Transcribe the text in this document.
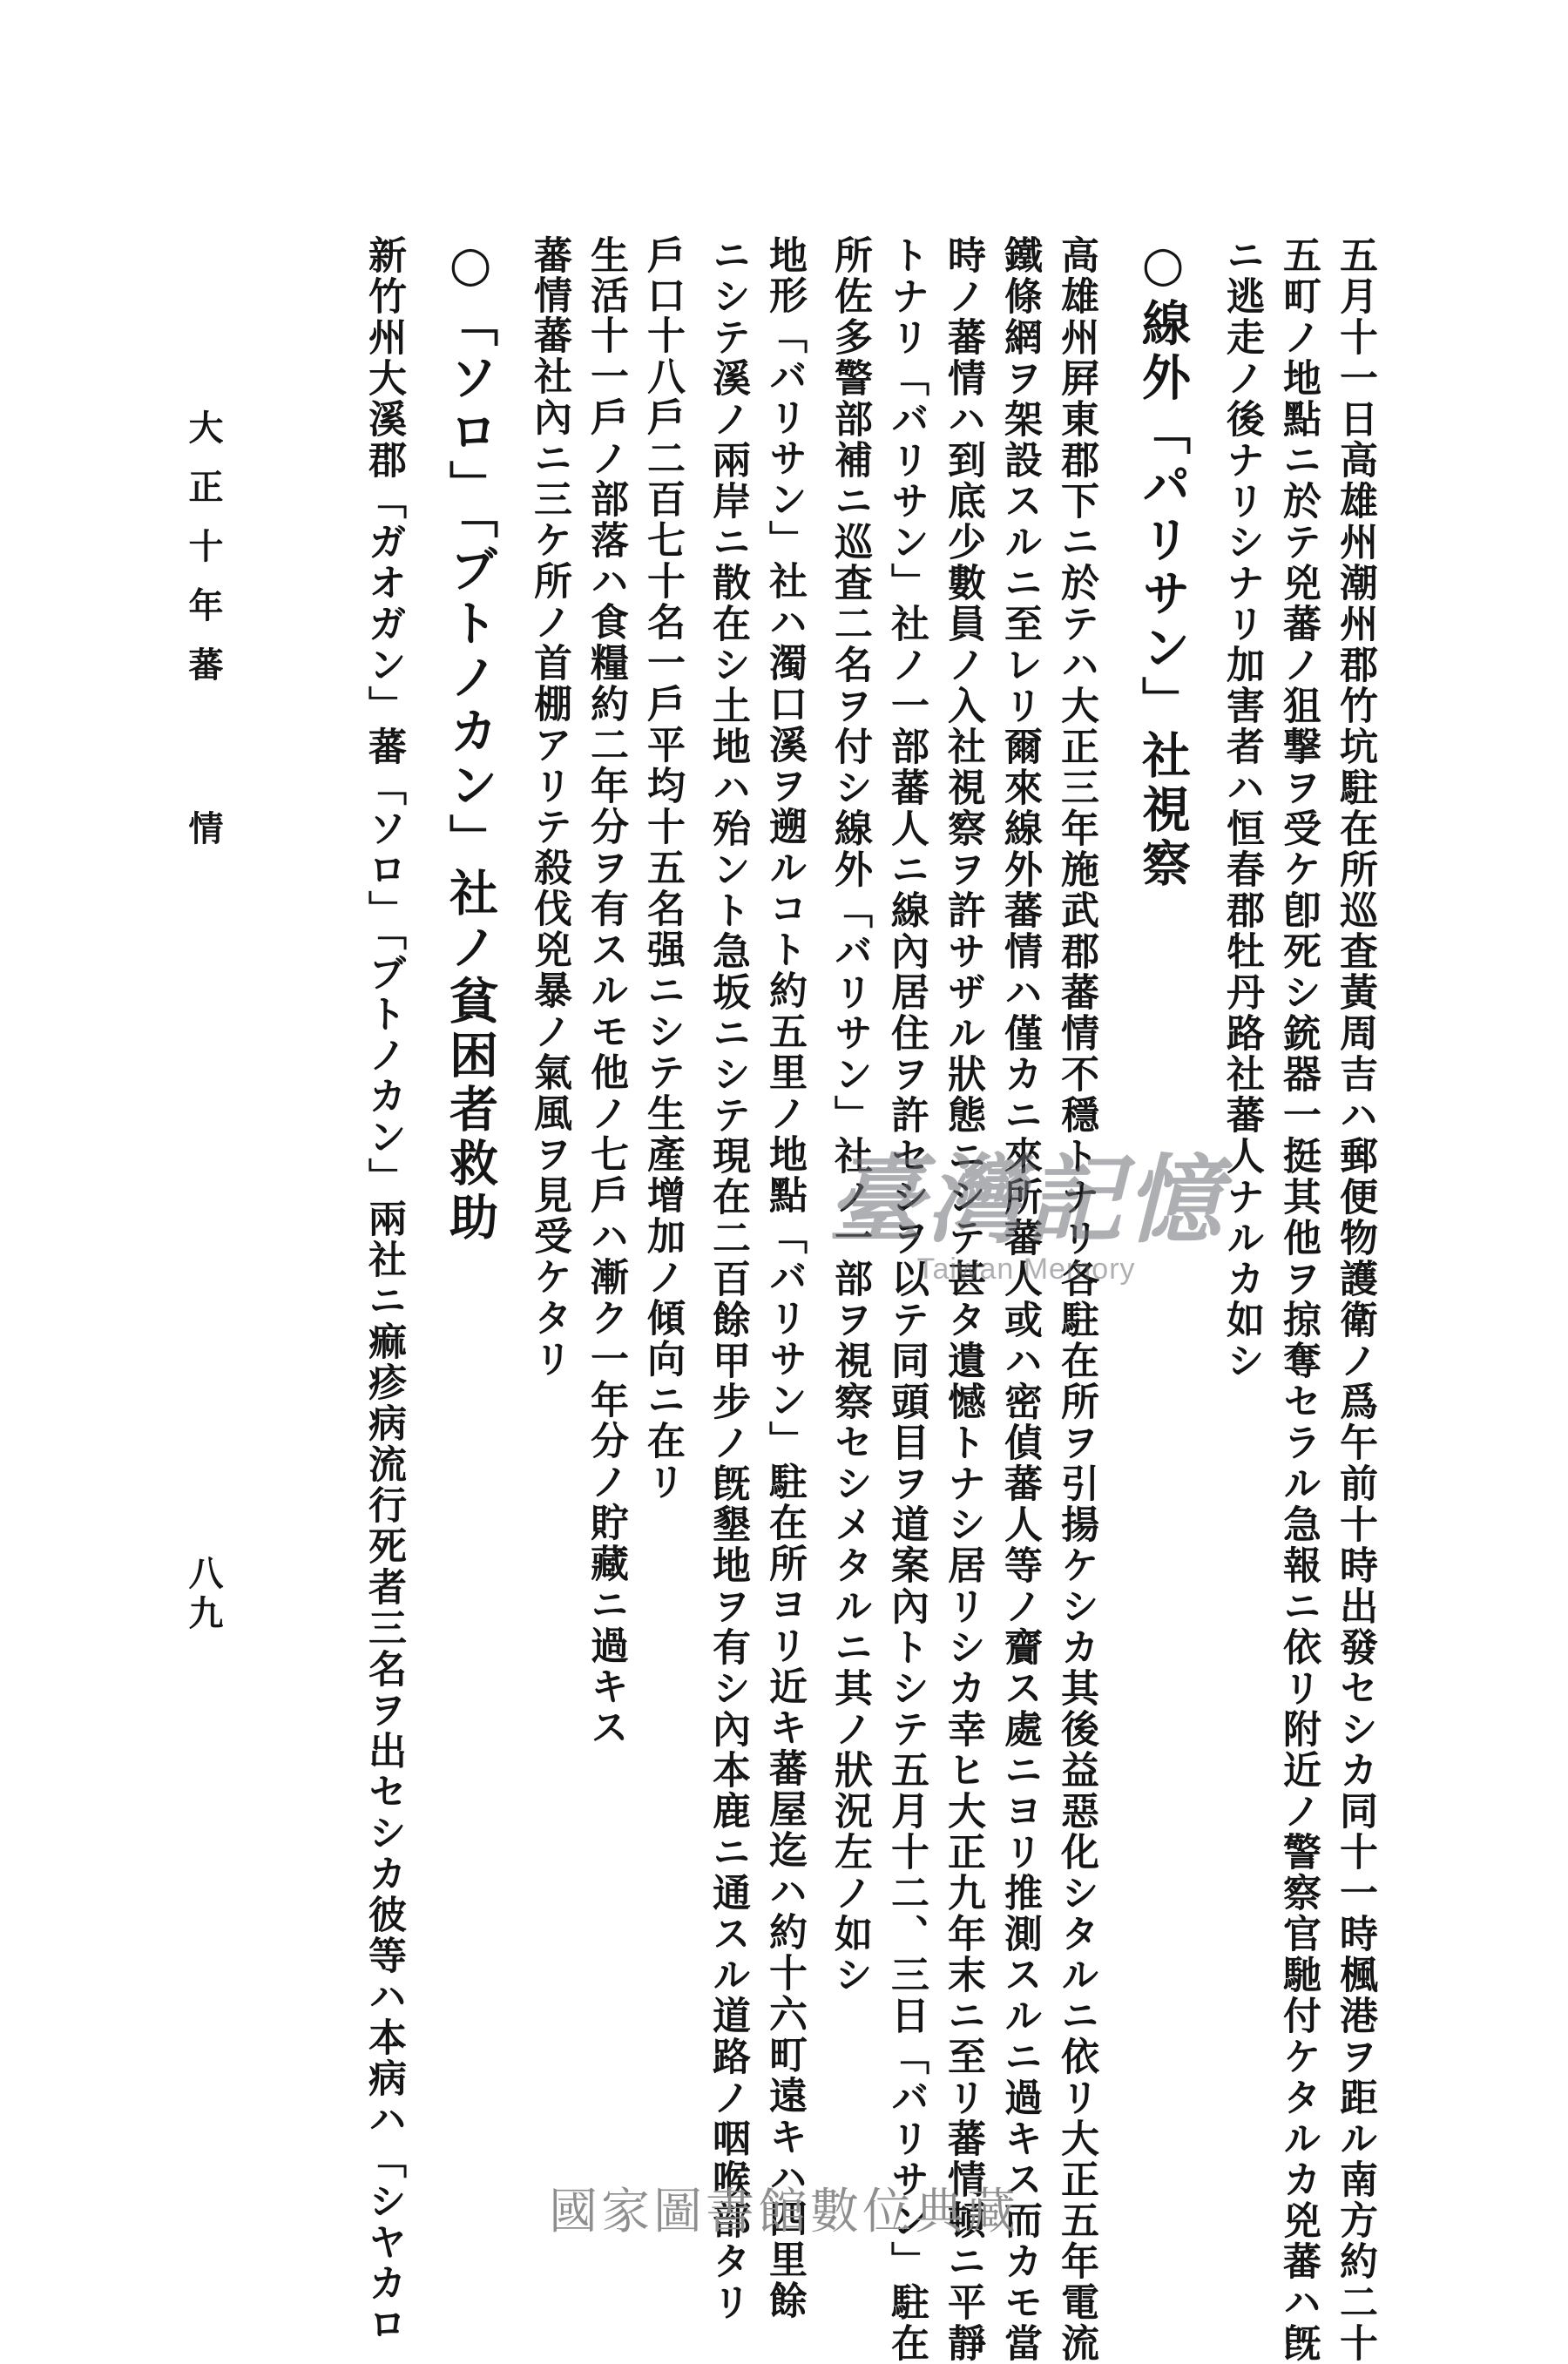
五月十一日高雄州潮州郡竹坑駐在所巡査黃周吉ハ郵便物護衛ノ爲午前十時出發セシカ同十一時楓港ヲ距ル南方約二十
五町ノ地點ニ於テ兇蕃ノ狙撃ヲ受ケ卽死シ銃器一挺其他ヲ掠奪セラル急報ニ依リ附近ノ警察官馳付ケタルカ兇蕃ハ旣
ニ逃走ノ後ナリシナリ加害者ハ恒春郡牡丹路社蕃人ナルカ如シ
○線外「パリサン」社視察
高雄州屛東郡下ニ於テハ大正三年施武郡蕃情不穩トナリ各駐在所ヲ引揚ケシカ其後益惡化シタルニ依リ大正五年電流
鐵條網ヲ架設スルニ至レリ爾來線外蕃情ハ僅カニ來所蕃人或ハ密偵蕃人等ノ齎ス處ニヨリ推測スルニ過キス而カモ當
時ノ蕃情ハ到底少數員ノ入社視察ヲ許サザル狀態ニシテ甚タ遺憾トナシ居リシカ幸ヒ大正九年末ニ至リ蕃情頓ニ平靜
トナリ「バリサン」社ノ一部蕃人ニ線內居住ヲ許セシヲ以テ同頭目ヲ道案內トシテ五月十二、三日「バリサン」駐在
所佐多警部補ニ巡査二名ヲ付シ線外「バリサン」社ノ一部ヲ視察セシメタルニ其ノ狀況左ノ如シ
地形「バリサン」社ハ濁口溪ヲ遡ルコト約五里ノ地點「バリサン」駐在所ヨリ近キ蕃屋迄ハ約十六町遠キハ四里餘
ニシテ溪ノ兩岸ニ散在シ土地ハ殆ント急坂ニシテ現在二百餘甲步ノ旣墾地ヲ有シ內本鹿ニ通スル道路ノ咽喉部タリ
戶口十八戶二百七十名一戶平均十五名强ニシテ生產增加ノ傾向ニ在リ
生活十一戶ノ部落ハ食糧約二年分ヲ有スルモ他ノ七戶ハ漸ク一年分ノ貯藏ニ過キス
蕃情蕃社內ニ三ケ所ノ首棚アリテ殺伐兇暴ノ氣風ヲ見受ケタリ
○「ソロ」「ブトノカン」社ノ貧困者救助
新竹州大溪郡「ガオガン」蕃「ソロ」「ブトノカン」兩社ニ痲疹病流行死者三名ヲ出セシカ彼等ハ本病ハ「シヤカロ
大正十年蕃情
八九
臺灣記憶
Taiwan Memory
國家圖書館數位典藏
